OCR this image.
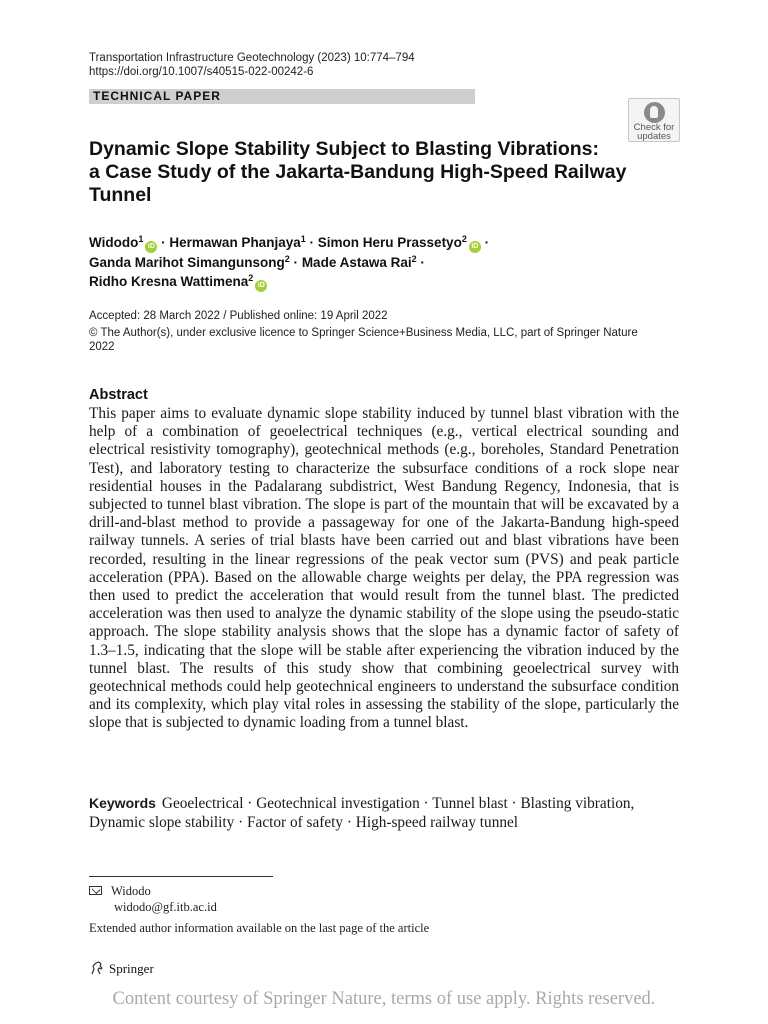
Transportation Infrastructure Geotechnology (2023) 10:774–794
https://doi.org/10.1007/s40515-022-00242-6
TECHNICAL PAPER
Check for
updates
Dynamic Slope Stability Subject to Blasting Vibrations:
a Case Study of the Jakarta-Bandung High-Speed Railway
Tunnel
Widodo$^1$iD · Hermawan Phanjaya$^1$ · Simon Heru Prassetyo$^2$iD ·
Ganda Marihot Simangunsong$^2$ · Made Astawa Rai$^2$ ·
Ridho Kresna Wattimena$^2$iD
Accepted: 28 March 2022 / Published online: 19 April 2022
© The Author(s), under exclusive licence to Springer Science+Business Media, LLC, part of Springer Nature 2022
Abstract
This paper aims to evaluate dynamic slope stability induced by tunnel blast vibration with the help of a combination of geoelectrical techniques (e.g., vertical electrical sounding and electrical resistivity tomography), geotechnical methods (e.g., boreholes, Standard Penetration Test), and laboratory testing to characterize the subsurface conditions of a rock slope near residential houses in the Padalarang subdistrict, West Bandung Regency, Indonesia, that is subjected to tunnel blast vibration. The slope is part of the mountain that will be excavated by a drill-and-blast method to provide a passageway for one of the Jakarta-Bandung high-speed railway tunnels. A series of trial blasts have been carried out and blast vibrations have been recorded, resulting in the linear regressions of the peak vector sum (PVS) and peak particle acceleration (PPA). Based on the allowable charge weights per delay, the PPA regression was then used to predict the acceleration that would result from the tunnel blast. The predicted acceleration was then used to analyze the dynamic stability of the slope using the pseudo-static approach. The slope stability analysis shows that the slope has a dynamic factor of safety of 1.3–1.5, indicating that the slope will be stable after experiencing the vibration induced by the tunnel blast. The results of this study show that combining geoelectrical survey with geotechnical methods could help geotechnical engineers to understand the subsurface condition and its complexity, which play vital roles in assessing the stability of the slope, particularly the slope that is subjected to dynamic loading from a tunnel blast.
Keywords Geoelectrical · Geotechnical investigation · Tunnel blast · Blasting vibration, Dynamic slope stability · Factor of safety · High-speed railway tunnel
Widodo
widodo@gf.itb.ac.id
Extended author information available on the last page of the article
Springer
Content courtesy of Springer Nature, terms of use apply. Rights reserved.
